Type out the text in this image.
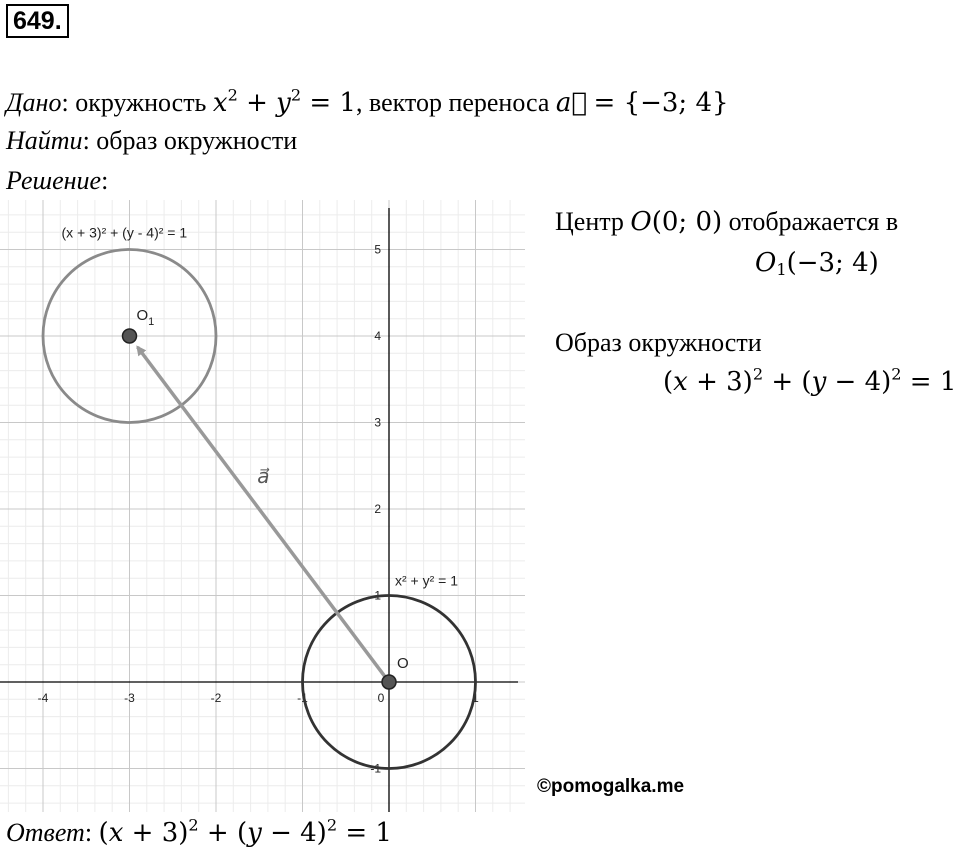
649.
Дано: окружность $x^2 + y^2 = 1$, вектор переноса a⃗ = {−3; 4}
Найти: образ окружности
Решение:
-4	-3	-2	-1	0	1
-1
1
2
3
4
5
x² + y² = 1
(x + 3)² + (y - 4)² = 1
a⃗
O
$O_1$
Центр O(0; 0) отображается в
$O_1(-3$; 4)
Образ окружности
$(x + 3)^2 + (y - 4)^2 = 1$
©pomogalka.me
Ответ: $(x + 3)^2 + (y - 4)^2 = 1$
